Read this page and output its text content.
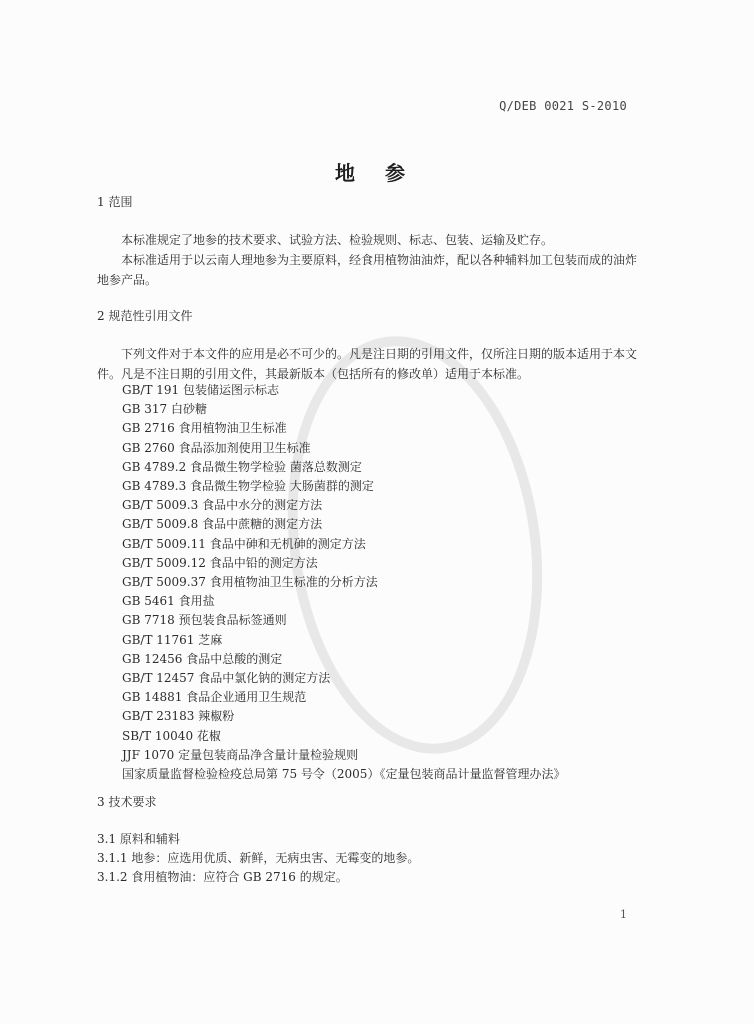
Q/DEB 0021 S-2010
地参
1 范围
本标准规定了地参的技术要求、试验方法、检验规则、标志、包装、运输及贮存。
本标准适用于以云南人理地参为主要原料，经食用植物油油炸，配以各种辅料加工包装而成的油炸地参产品。
2 规范性引用文件
下列文件对于本文件的应用是必不可少的。凡是注日期的引用文件，仅所注日期的版本适用于本文件。凡是不注日期的引用文件，其最新版本（包括所有的修改单）适用于本标准。
GB/T 191 包装储运图示标志
GB 317 白砂糖
GB 2716 食用植物油卫生标准
GB 2760 食品添加剂使用卫生标准
GB 4789.2 食品微生物学检验 菌落总数测定
GB 4789.3 食品微生物学检验 大肠菌群的测定
GB/T 5009.3 食品中水分的测定方法
GB/T 5009.8 食品中蔗糖的测定方法
GB/T 5009.11 食品中砷和无机砷的测定方法
GB/T 5009.12 食品中铅的测定方法
GB/T 5009.37 食用植物油卫生标准的分析方法
GB 5461 食用盐
GB 7718 预包装食品标签通则
GB/T 11761 芝麻
GB 12456 食品中总酸的测定
GB/T 12457 食品中氯化钠的测定方法
GB 14881 食品企业通用卫生规范
GB/T 23183 辣椒粉
SB/T 10040 花椒
JJF 1070 定量包装商品净含量计量检验规则
国家质量监督检验检疫总局第 75 号令（2005）《定量包装商品计量监督管理办法》
3 技术要求
3.1 原料和辅料
3.1.1 地参：应选用优质、新鲜，无病虫害、无霉变的地参。
3.1.2 食用植物油：应符合 GB 2716 的规定。
1
